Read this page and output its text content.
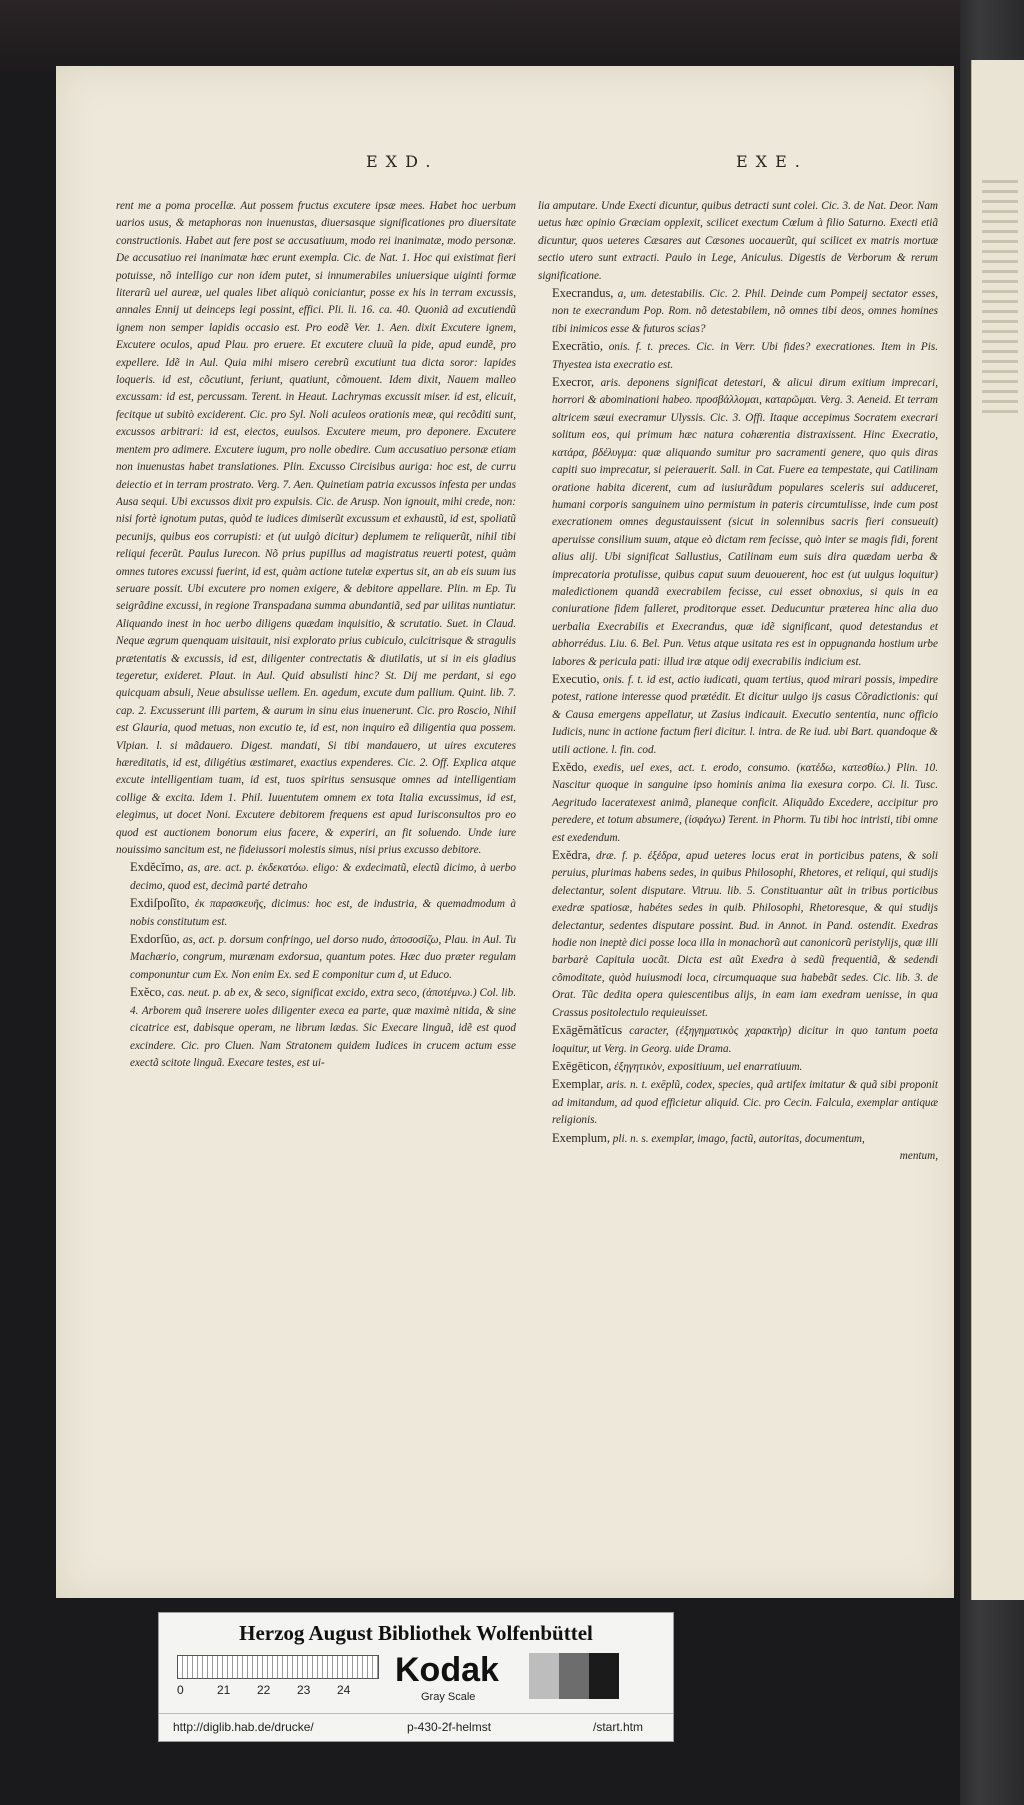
EXD.	EXE.

rent me a poma procellæ. Aut possem fructus excutere ipsæ mees. Habet hoc uerbum uarios usus, & metaphoras non inuenustas, diuersasque significationes pro diuersitate constructionis. Habet aut fere post se accusatiuum, modo rei inanimatæ, modo personæ. De accusatiuo rei inanimatæ hæc erunt exempla. Cic. de Nat. 1. Hoc qui existimat fieri potuisse, nõ intelligo cur non idem putet, si innumerabiles uniuersique uiginti formæ literarũ uel aureæ, uel quales libet aliquò coniciantur, posse ex his in terram excussis, annales Ennij ut deinceps legi possint, effici. Pli. li. 16. ca. 40. Quoniã ad excutiendũ ignem non semper lapidis occasio est. Pro eodẽ Ver. 1. Aen. dixit Excutere ignem, Excutere oculos, apud Plau. pro eruere. Et excutere cluuũ la pide, apud eundẽ, pro expellere. Idẽ in Aul. Quia mihi misero cerebrũ excutiunt tua dicta soror: lapides loqueris. id est, cõcutiunt, feriunt, quatiunt, cõmouent. Idem dixit, Nauem malleo excussam: id est, percussam. Terent. in Heaut. Lachrymas excussit miser. id est, elicuit, fecitque ut subitò exciderent. Cic. pro Syl. Noli aculeos orationis meæ, qui recõditi sunt, excussos arbitrari: id est, eiectos, euulsos. Excutere meum, pro deponere. Excutere mentem pro adimere. Excutere iugum, pro nolle obedire. Cum accusatiuo personæ etiam non inuenustas habet translationes. Plin. Excusso Circisibus auriga: hoc est, de curru deiectio et in terram prostrato. Verg. 7. Aen. Quinetiam patria excussos infesta per undas Ausa sequi. Ubi excussos dixit pro expulsis. Cic. de Arusp. Non ignouit, mihi crede, non: nisi fortè ignotum putas, quòd te iudices dimiserũt excussum et exhaustũ, id est, spoliatũ pecunijs, quibus eos corrupisti: et (ut uulgò dicitur) deplumem te reliquerũt, nihil tibi reliqui fecerũt. Paulus Iurecon. Nõ prius pupillus ad magistratus reuerti potest, quàm omnes tutores excussi fuerint, id est, quàm actione tutelæ expertus sit, an ab eis suum ius seruare possit. Ubi excutere pro nomen exigere, & debitore appellare. Plin. m Ep. Tu seigrãdine excussi, in regione Transpadana summa abundantiã, sed par uilitas nuntiatur. Aliquando inest in hoc uerbo diligens quædam inquisitio, & scrutatio. Suet. in Claud. Neque ægrum quenquam uisitauit, nisi explorato prius cubiculo, culcitrisque & stragulis prætentatis & excussis, id est, diligenter contrectatis & diutilatis, ut si in eis gladius tegeretur, exideret. Plaut. in Aul. Quid absulisti hinc? St. Dij me perdant, si ego quicquam absuli, Neue absulisse uellem. En. agedum, excute dum pallium. Quint. lib. 7. cap. 2. Excusserunt illi partem, & aurum in sinu eius inuenerunt. Cic. pro Roscio, Nihil est Glauria, quod metuas, non excutio te, id est, non inquiro eã diligentia qua possem. Vlpian. l. si mãdauero. Digest. mandati, Si tibi mandauero, ut uires excuteres hæreditatis, id est, diligétius æstimaret, exactius expenderes. Cic. 2. Off. Explica atque excute intelligentiam tuam, id est, tuos spiritus sensusque omnes ad intelligentiam collige & excita. Idem 1. Phil. Iuuentutem omnem ex tota Italia excussimus, id est, elegimus, ut docet Noni. Excutere debitorem frequens est apud Iurisconsultos pro eo quod est auctionem bonorum eius facere, & experiri, an fit soluendo. Unde iure nouissimo sancitum est, ne fideiussori molestis simus, nisi prius excusso debitore.

Exdĕcĭmo, as, are. act. p. ἐκδεκατόω. eligo: & exdecimatũ, electũ dicimo, à uerbo decimo, quod est, decimã parté detraho

Exdiſpoſĭto, ἐκ παρασκευῆς, dicimus: hoc est, de industria, & quemadmodum à nobis constitutum est.

Exdorſŭo, as, act. p. dorsum confringo, uel dorso nudo, ἀποσοσίζω, Plau. in Aul. Tu Machærio, congrum, murænam exdorsua, quantum potes. Hæc duo præter regulam componuntur cum Ex. Non enim Ex. sed E componitur cum d, ut Educo.

Exĕco, cas. neut. p. ab ex, & seco, significat excido, extra seco, (ἀποτέμνω.) Col. lib. 4. Arborem quã inserere uoles diligenter execa ea parte, quæ maximè nitida, & sine cicatrice est, dabisque operam, ne librum lædas. Sic Execare linguã, idẽ est quod excindere. Cic. pro Cluen. Nam Stratonem quidem Iudices in crucem actum esse exectã scitote linguã. Execare testes, est ui-

lia amputare. Unde Execti dicuntur, quibus detracti sunt colei. Cic. 3. de Nat. Deor. Nam uetus hæc opinio Græciam opplexit, scilicet exectum Cœlum à filio Saturno. Execti etiã dicuntur, quos ueteres Cæsares aut Cæsones uocauerũt, qui scilicet ex matris mortuæ sectio utero sunt extracti. Paulo in Lege, Aniculus. Digestis de Verborum & rerum significatione.

Execrandus, a, um. detestabilis. Cic. 2. Phil. Deinde cum Pompeij sectator esses, non te execrandum Pop. Rom. nõ detestabilem, nõ omnes tibi deos, omnes homines tibi inimicos esse & futuros scias?

Execrātio, onis. f. t. preces. Cic. in Verr. Ubi fides? execrationes. Item in Pis. Thyestea ista execratio est.

Execror, aris. deponens significat detestari, & alicui dirum exitium imprecari, horrori & abominationi habeo. προσβάλλομαι, καταρῶμαι. Verg. 3. Aeneid. Et terram altricem sæui execramur Ulyssis. Cic. 3. Offi. Itaque accepimus Socratem execrari solitum eos, qui primum hæc natura cohærentia distraxissent. Hinc Execratio, κατάρα, βδέλυγμα: quæ aliquando sumitur pro sacramenti genere, quo quis diras capiti suo imprecatur, si peierauerit. Sall. in Cat. Fuere ea tempestate, qui Catilinam oratione habita dicerent, cum ad iusiurãdum populares sceleris sui adduceret, humani corporis sanguinem uino permistum in pateris circumtulisse, inde cum post execrationem omnes degustauissent (sicut in solennibus sacris fieri consueuit) aperuisse consilium suum, atque eò dictam rem fecisse, quò inter se magis fidi, forent alius alij. Ubi significat Sallustius, Catilinam eum suis dira quædam uerba & imprecatoria protulisse, quibus caput suum deuouerent, hoc est (ut uulgus loquitur) maledictionem quandã execrabilem fecisse, cui esset obnoxius, si quis in ea coniuratione fidem falleret, proditorque esset. Deducuntur præterea hinc alia duo uerbalia Execrabilis et Execrandus, quæ idẽ significant, quod detestandus et abhorrédus. Liu. 6. Bel. Pun. Vetus atque usitata res est in oppugnanda hostium urbe labores & pericula pati: illud iræ atque odij execrabilis indicium est.

Executio, onis. f. t. id est, actio iudicati, quam tertius, quod mirari possis, impedire potest, ratione interesse quod prætédit. Et dicitur uulgo ijs casus Cõradictionis: qui & Causa emergens appellatur, ut Zasius indicauit. Executio sententia, nunc officio Iudicis, nunc in actione factum fieri dicitur. l. intra. de Re iud. ubi Bart. quandoque & utili actione. l. fin. cod.

Exĕdo, exedis, uel exes, act. t. erodo, consumo. (κατέδω, κατεσθίω.) Plin. 10. Nascitur quoque in sanguine ipso hominis anima lia exesura corpo. Ci. li. Tusc. Aegritudo laceratexest animã, planeque conficit. Aliquãdo Excedere, accipitur pro peredere, et totum absumere, (ἰσφάγω) Terent. in Phorm. Tu tibi hoc intristi, tibi omne est exedendum.

Exĕdra, dræ. f. p. ἐξέδρα, apud ueteres locus erat in porticibus patens, & soli peruius, plurimas habens sedes, in quibus Philosophi, Rhetores, et reliqui, qui studijs delectantur, solent disputare. Vitruu. lib. 5. Constituantur aũt in tribus porticibus exedræ spatiosæ, habétes sedes in quib. Philosophi, Rhetoresque, & qui studijs delectantur, sedentes disputare possint. Bud. in Annot. in Pand. ostendit. Exedras hodie non ineptè dici posse loca illa in monachorũ aut canonicorũ peristylijs, quæ illi barbarè Capitula uocãt. Dicta est aũt Exedra à sedũ frequentiã, & sedendi cõmoditate, quòd huiusmodi loca, circumquaque sua habebãt sedes. Cic. lib. 3. de Orat. Tũc dedita opera quiescentibus alijs, in eam iam exedram uenisse, in qua Crassus positolectulo requieuisset.

Exāgĕmătĭcus caracter, (ἐξηγηματικὸς χαρακτὴρ) dicitur in quo tantum poeta loquitur, ut Verg. in Georg. uide Drama.

Exēgēticon, ἐξηγητικὸν, expositiuum, uel enarratiuum.

Exemplar, aris. n. t. exēplũ, codex, species, quã artifex imitatur & quã sibi proponit ad imitandum, ad quod efficietur aliquid. Cic. pro Cecin. Falcula, exemplar antiquæ religionis.

Exemplum, pli. n. s. exemplar, imago, factũ, autoritas, documentum,

mentum,
Herzog August Bibliothek Wolfenbüttel
0	21	22	23	24
Kodak
Gray Scale
http://diglib.hab.de/drucke/	p-430-2f-helmst	/start.htm
